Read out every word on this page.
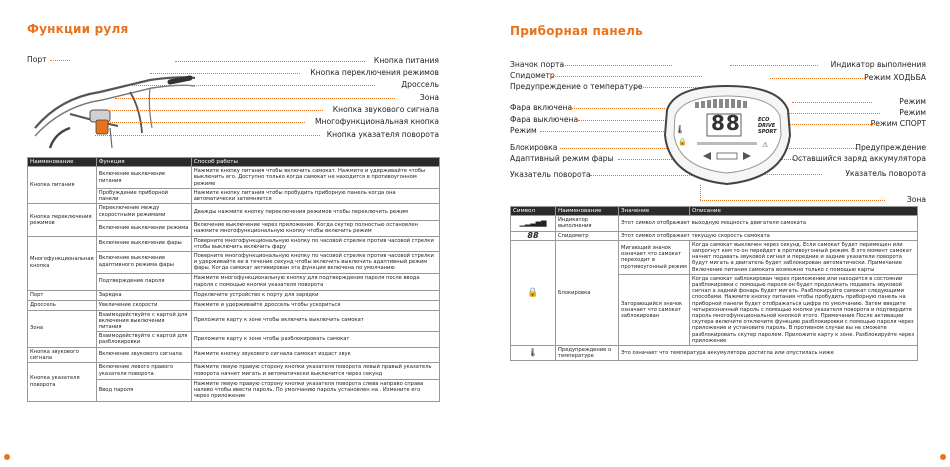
Функции руля
Порт	Кнопка питания
Кнопка переключения режимов
Дроссель
Зона
Кнопка звукового сигнала
Многофункциональная кнопка
Кнопка указателя поворота
Наименование	Функция	Способ работы
Кнопка питания	Включение выключение питания	Нажмите кнопку питания чтобы включить самокат. Нажмите и удерживайте чтобы выключить его. Доступно только когда самокат не находится в противоугонном режиме
	Пробуждение приборной панели	Нажмите кнопку питания чтобы пробудить приборную панель когда она автоматически затемняется
Кнопка переключения режимов	Переключение между скоростными режимами	Дважды нажмите кнопку переключения режимов чтобы переключить режим
	Включение выключение режима	Включение выключение через приложение. Когда скутер полностью остановлен нажмите многофункциональную кнопку чтобы включить режим
Многофункциональная кнопка	Включение выключение фары	Поверните многофункциональную кнопку по часовой стрелке против часовой стрелки чтобы выключить включить фару
	Включение выключение адаптивного режима фары	Поверните многофункциональную кнопку по часовой стрелке против часовой стрелки и удерживайте ее в течение секунд чтобы включить выключить адаптивный режим фары. Когда самокат активирован эта функция включена по умолчанию
	Подтверждение пароля	Нажмите многофункциональную кнопку для подтверждения пароля после ввода пароля с помощью кнопки указателя поворота
Порт	Зарядка	Подключите устройство к порту для зарядки
Дроссель	Увеличение скорости	Нажмите и удерживайте дроссель чтобы ускориться
Зона	Взаимодействуйте с картой для включения выключения питания	Приложите карту к зоне чтобы включить выключить самокат
	Взаимодействуйте с картой для разблокировки	Приложите карту к зоне чтобы разблокировать самокат
Кнопка звукового сигнала	Включение звукового сигнала	Нажмите кнопку звукового сигнала самокат издаст звук
Кнопка указателя поворота	Включение левого правого указателя поворота	Нажмите левую правую сторону кнопки указателя поворота левый правый указатель поворота начнет мигать и автоматически выключится через секунд
	Ввод пароля	Нажмите левую правую сторону кнопки указателя поворота слева направо справа налево чтобы ввести пароль. По умолчанию пароль установлен на . Измените его через приложение
Приборная панель
Значок порта
Спидометр
Предупреждение о температуре
Фара включена
Фара выключена
Режим
Блокировка
Адаптивный режим фары
Указатель поворота
Индикатор выполнения
Режим ХОДЬБА
Режим
Режим
Режим СПОРТ
Предупреждение
Оставшийся заряд аккумулятора
Указатель поворота
Зона
88	ECO
DRIVE
SPORT
🌡
🔒	⚠
Символ	Наименование	Значение	Описание
▁▂▃▅▆	Индикатор выполнения	Этот символ отображает выходную мощность двигателя самоката	
88	Спидометр	Этот символ отображает текущую скорость самоката	
🔒	Блокировка	Мигающий значок означает что самокат переходит в противоугонный режим	Когда самокат выключен через секунд. Если самокат будет перемещен или запрогнут кем то он перейдет в противоугонный режим. В это момент самокат начнет подавать звуковой сигнал и передние и задние указатели поворота будут мигать а двигатель будет заблокирован автоматически. Примечание Включение питания самоката возможно только с помощью карты
		Загорающийся значок означает что самокат заблокирован	Когда самокат заблокирован через приложение или находится в состоянии разблокировки с помощью пароля он будет продолжать подавать звуковой сигнал а задний фонарь будет мигать. Разблокируйте самокат следующими способами. Нажмите кнопку питания чтобы пробудить приборную панель на приборной панели будет отображаться цифра по умолчанию. Затем введите четырехзначный пароль с помощью кнопки указателя поворота и подтвердите пароль многофункциональной кнопкой этого. Примечание После активации скутера включите отключите функцию разблокировки с помощью пароля через приложение и установите пароль. В противном случае вы не сможете разблокировать скутер паролем. Приложите карту к зоне. Разблокируйте через приложение
🌡	Предупреждение о температуре	Это означает что температура аккумулятора достигла или опустилась ниже	
